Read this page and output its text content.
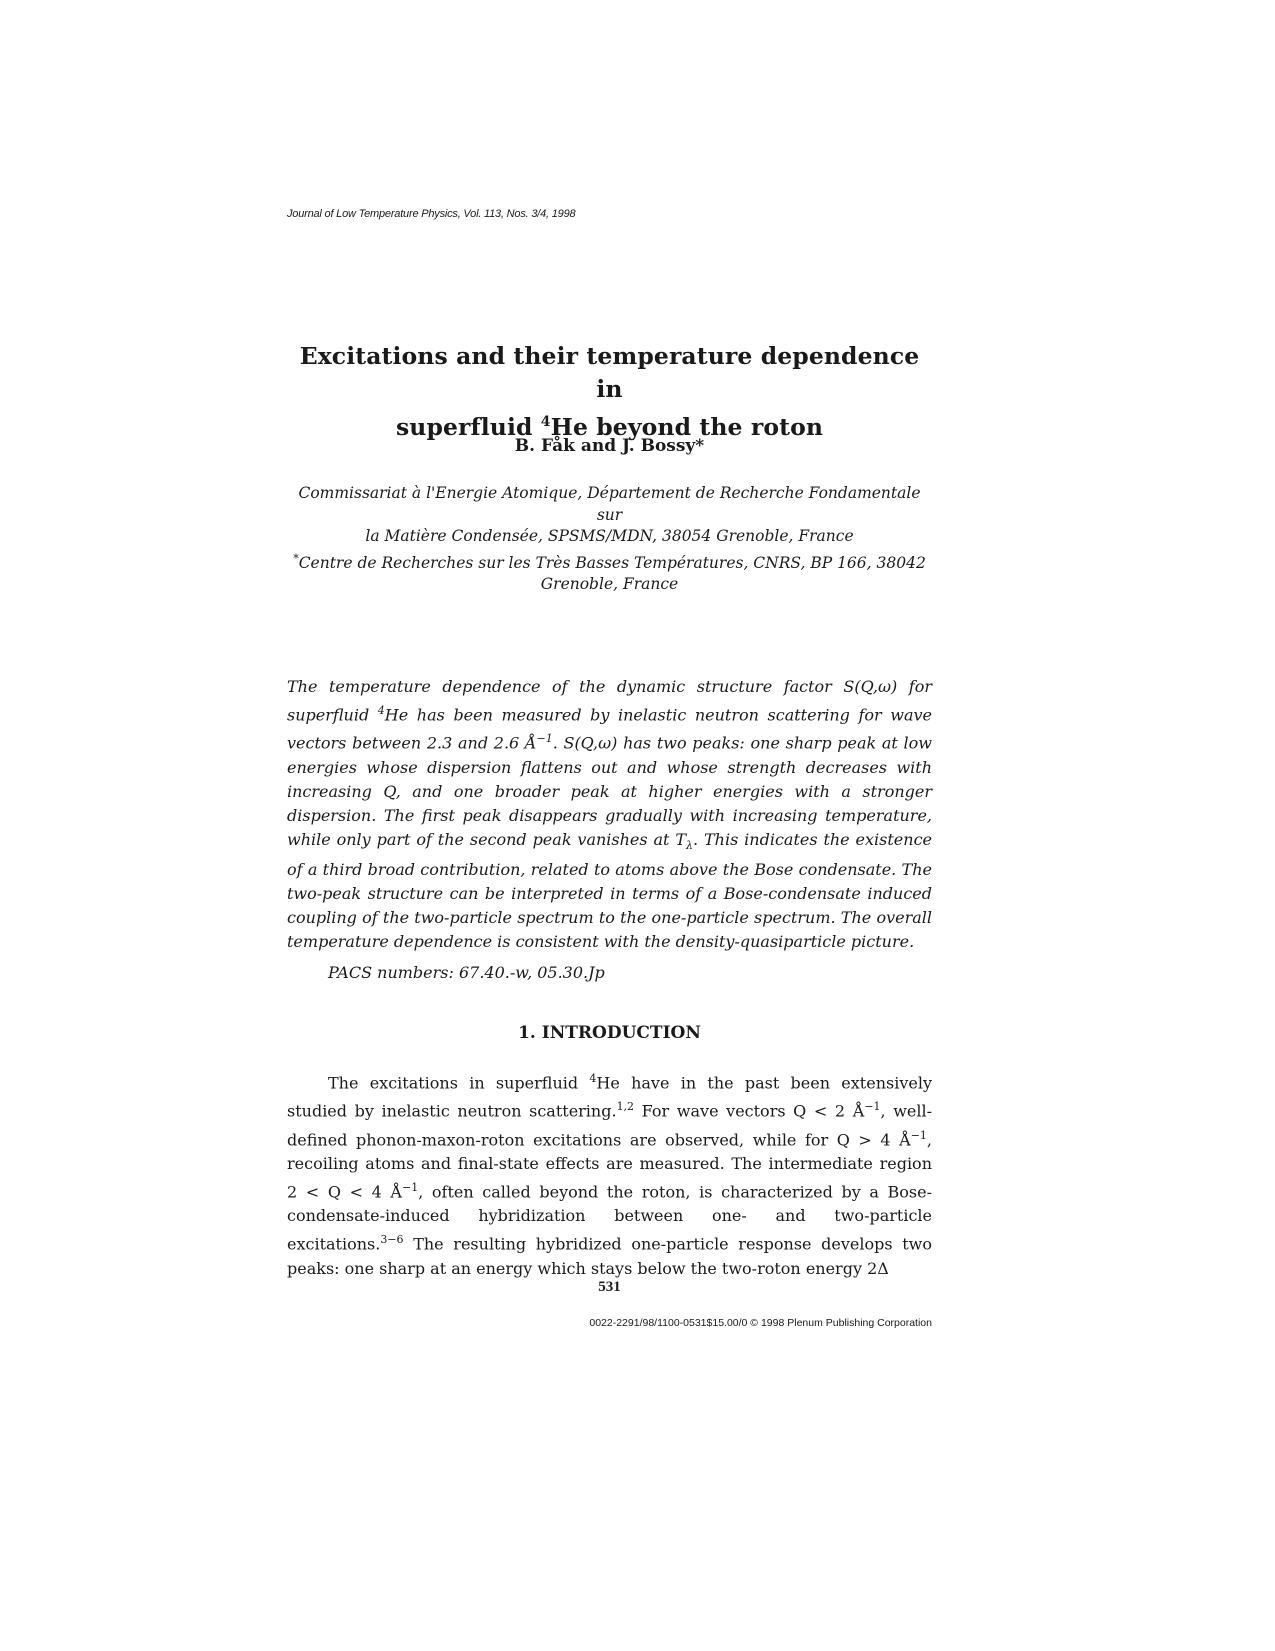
Journal of Low Temperature Physics, Vol. 113, Nos. 3/4, 1998
Excitations and their temperature dependence in
superfluid $^4$He beyond the roton
B. Fåk and J. Bossy*
Commissariat à l'Energie Atomique, Département de Recherche Fondamentale sur
la Matière Condensée, SPSMS/MDN, 38054 Grenoble, France
*Centre de Recherches sur les Très Basses Températures, CNRS, BP 166, 38042
Grenoble, France
The temperature dependence of the dynamic structure factor S(Q,ω) for superfluid $^4$He has been measured by inelastic neutron scattering for wave vectors between 2.3 and 2.6 $Å^{-1}$. S(Q,ω) has two peaks: one sharp peak at low energies whose dispersion flattens out and whose strength decreases with increasing Q, and one broader peak at higher energies with a stronger dispersion. The first peak disappears gradually with increasing temperature, while only part of the second peak vanishes at $T_\lambda$. This indicates the existence of a third broad contribution, related to atoms above the Bose condensate. The two-peak structure can be interpreted in terms of a Bose-condensate induced coupling of the two-particle spectrum to the one-particle spectrum. The overall temperature dependence is consistent with the density-quasiparticle picture.
PACS numbers: 67.40.-w, 05.30.Jp
1. INTRODUCTION
The excitations in superfluid $^4$He have in the past been extensively studied by inelastic neutron scattering.$^{1,2}$ For wave vectors Q < 2 $Å^{-1}$, well-defined phonon-maxon-roton excitations are observed, while for Q > 4 $Å^{-1}$, recoiling atoms and final-state effects are measured. The intermediate region 2 < Q < 4 $Å^{-1}$, often called beyond the roton, is characterized by a Bose-condensate-induced hybridization between one- and two-particle excitations.$^{3-6}$ The resulting hybridized one-particle response develops two peaks: one sharp at an energy which stays below the two-roton energy 2Δ
531
0022-2291/98/1100-0531$15.00/0 © 1998 Plenum Publishing Corporation
